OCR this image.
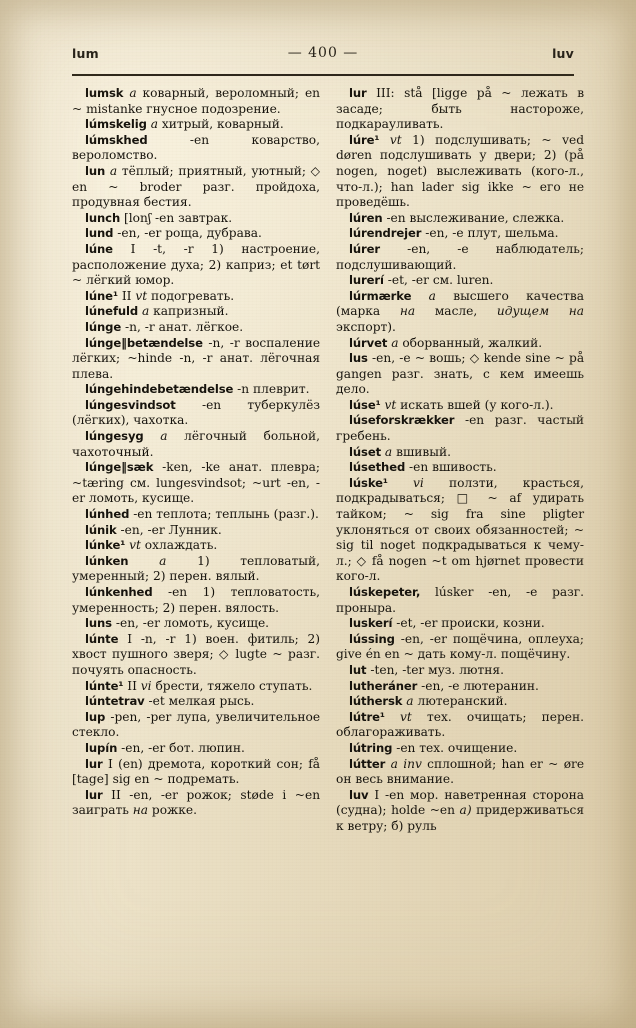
lum	— 400 —	luv

lumsk a коварный, вероломный; en ~ mistanke гнусное подозрение.

lúmskelig a хитрый, коварный.

lúmskhed	-en	коварство, вероломство.

lun a тёплый; приятный, уютный; ◇ en ~ broder разг. пройдоха, продувная бестия.

lunch [lonʃ -en завтрак.

lund -en, -er роща, дубрава.

lúne I -t, -r 1) настроение, расположение духа; 2) каприз; et tørt ~ лёгкий юмор.

lúne¹ II vt подогревать.

lúnefuld a капризный.

lúnge -n, -r анат. лёгкое.

lúnge‖betændelse -n, -r воспаление лёгких; ~hinde -n, -r анат. лёгочная плева.

lúngehindebetændelse -n плеврит.

lúngesvindsot -en туберкулёз (лёгких), чахотка.

lúngesyg a лёгочный больной, чахоточный.

lúnge‖sæk -ken, -ke анат. плевра; ~tæring см. lungesvindsot; ~urt -en, -er ломоть, кусище.

lúnhed -en теплота; теплынь (разг.).

lúnik -en, -er Лунник.

lúnke¹ vt охлаждать.

lúnken	a	1)	тепловатый, умеренный; 2) перен. вялый.

lúnkenhed -en 1) тепловатость, умеренность; 2) перен. вялость.

luns -en, -er ломоть, кусище.

lúnte I -n, -r 1) воен. фитиль; 2) хвост пушного зверя; ◇ lugte ~ разг. почуять опасность.

lúnte¹ II vi брести, тяжело ступать.

lúntetrav -et мелкая рысь.

lup -pen, -per лупа, увеличительное стекло.

lupín -en, -er бот. люпин.

lur I (en) дремота, короткий сон; få [tage] sig en ~ подремать.

lur II -en, -er рожок; støde i ~en заиграть на рожке.

lur III: stå [ligge på ~ лежать в засаде;	быть	настороже, подкарауливать.

lúre¹ vt 1) подслушивать; ~ ved døren подслушивать у двери; 2) (på nogen, noget) выслеживать (кого-л., что-л.); han lader sig ikke ~ его не проведёшь.

lúren -en выслеживание, слежка.

lúrendrejer -en, -e плут, шельма.

lúrer -en, -e наблюдатель; подслушивающий.

lurerí -et, -er см. luren.

lúrmærke a высшего качества (марка на масле, идущем на экспорт).

lúrvet a оборванный, жалкий.

lus -en, -e ~ вошь; ◇ kende sine ~ på gangen разг. знать, с кем имеешь дело.

lúse¹ vt искать вшей (у кого-л.).

lúseforskrækker -en разг. частый гребень.

lúset a вшивый.

lúsethed -en вшивость.

lúske¹ vi ползти, красться, подкрадываться; □ ~ af удирать тайком; ~ sig fra sine pligter уклоняться от своих обязанностей; ~ sig til noget подкрадываться к чему-л.; ◇ få nogen ~t om hjørnet провести кого-л.

lúskepeter, lúsker -en, -e разг. пронырa.

luskerí -et, -er происки, козни.

lússing -en, -er пощёчина, оплеуха; give én en ~ дать кому-л. пощёчину.

lut -ten, -ter муз. лютня.

lutheráner -en, -e лютеранин.

lúthersk a лютеранский.

lútre¹ vt тех. очищать; перен. облагораживать.

lútring -en тех. очищение.

lútter a inv сплошной; han er ~ øre он весь внимание.

luv I -en мор. наветренная сторона (судна); holde ~en a) придерживаться к ветру; б) руль
